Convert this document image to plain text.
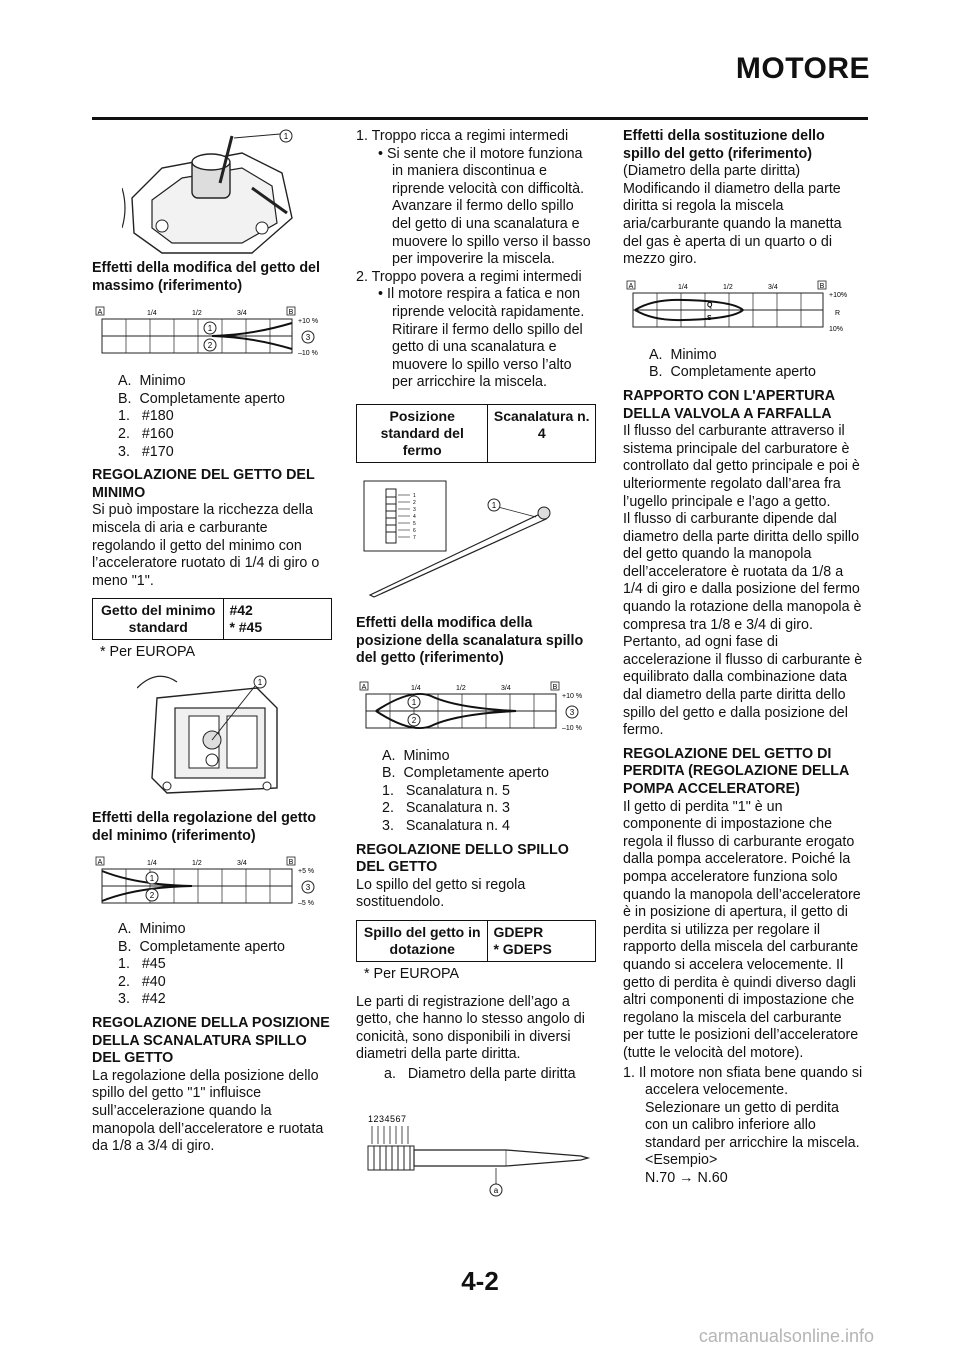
MOTORE
1

Effetti della modifica del getto del massimo (riferimento)

A	B
1/4	1/2	3/4
+10 %
–10 %
1
2
3

A. Minimo

B. Completamente aperto

1. #180

2. #160

3. #170

REGOLAZIONE DEL GETTO DEL MINIMO

Si può impostare la ricchezza della miscela di aria e carburante regolando il getto del minimo con l’acceleratore ruotato di 1/4 di giro o meno "1".

Getto del minimo standard	#42
* #45

* Per EUROPA

1

Effetti della regolazione del getto del minimo (riferimento)

A	B
1/4	1/2	3/4
+5 %
–5 %
1
2
3

A. Minimo

B. Completamente aperto

1. #45

2. #40

3. #42

REGOLAZIONE DELLA POSIZIONE DELLA SCANALATURA SPILLO DEL GETTO

La regolazione della posizione dello spillo del getto "1" influisce sull’accelerazione quando la manopola dell’acceleratore e ruotata da 1/8 a 3/4 di giro.

1. Troppo ricca a regimi intermedi

• Si sente che il motore funziona in maniera discontinua e riprende velocità con difficoltà.

Avanzare il fermo dello spillo del getto di una scanalatura e muovere lo spillo verso il basso per impoverire la miscela.

2. Troppo povera a regimi intermedi

• Il motore respira a fatica e non riprende velocità rapidamente.

Ritirare il fermo dello spillo del getto di una scanalatura e muovere lo spillo verso l’alto per arricchire la miscela.

Posizione standard del fermo	Scanalatura n. 4
1
2
3
4
5
6
7
1

Effetti della modifica della posizione della scanalatura spillo del getto (riferimento)

A	B
1/4	1/2	3/4
+10 %
–10 %
1
2
3

A. Minimo

B. Completamente aperto

1. Scanalatura n. 5

2. Scanalatura n. 3

3. Scanalatura n. 4

REGOLAZIONE DELLO SPILLO DEL GETTO

Lo spillo del getto si regola sostituendolo.

Spillo del getto in dotazione	GDEPR
* GDEPS

* Per EUROPA

Le parti di registrazione dell’ago a getto, che hanno lo stesso angolo di conicità, sono disponibili in diversi diametri della parte diritta.

a. Diametro della parte diritta

1234567
a

Effetti della sostituzione dello spillo del getto (riferimento)

(Diametro della parte diritta)

Modificando il diametro della parte diritta si regola la miscela aria/carburante quando la manetta del gas è aperta di un quarto o di mezzo giro.

A	B
1/4	1/2	3/4
+10%
R
10%
Q
S

A. Minimo

B. Completamente aperto

RAPPORTO CON L'APERTURA DELLA VALVOLA A FARFALLA

Il flusso del carburante attraverso il sistema principale del carburatore è controllato dal getto principale e poi è ulteriormente regolato dall’area fra l’ugello principale e l’ago a getto.

Il flusso di carburante dipende dal diametro della parte diritta dello spillo del getto quando la manopola dell’acceleratore è ruotata da 1/8 a 1/4 di giro e dalla posizione del fermo quando la rotazione della manopola è compresa tra 1/8 e 3/4 di giro.

Pertanto, ad ogni fase di accelerazione il flusso di carburante è equilibrato dalla combinazione data dal diametro della parte diritta dello spillo del getto e dalla posizione del fermo.

REGOLAZIONE DEL GETTO DI PERDITA (REGOLAZIONE DELLA POMPA ACCELERATORE)

Il getto di perdita "1" è un componente di impostazione che regola il flusso di carburante erogato dalla pompa acceleratore. Poiché la pompa acceleratore funziona solo quando la manopola dell’acceleratore è in posizione di apertura, il getto di perdita si utilizza per regolare il rapporto della miscela del carburante quando si accelera velocemente. Il getto di perdita è quindi diverso dagli altri componenti di impostazione che regolano la miscela del carburante per tutte le posizioni dell’acceleratore (tutte le velocità del motore).

1. Il motore non sfiata bene quando si accelera velocemente. Selezionare un getto di perdita con un calibro inferiore allo standard per arricchire la miscela. <Esempio>

N.70 → N.60

4-2
carmanualsonline.info
